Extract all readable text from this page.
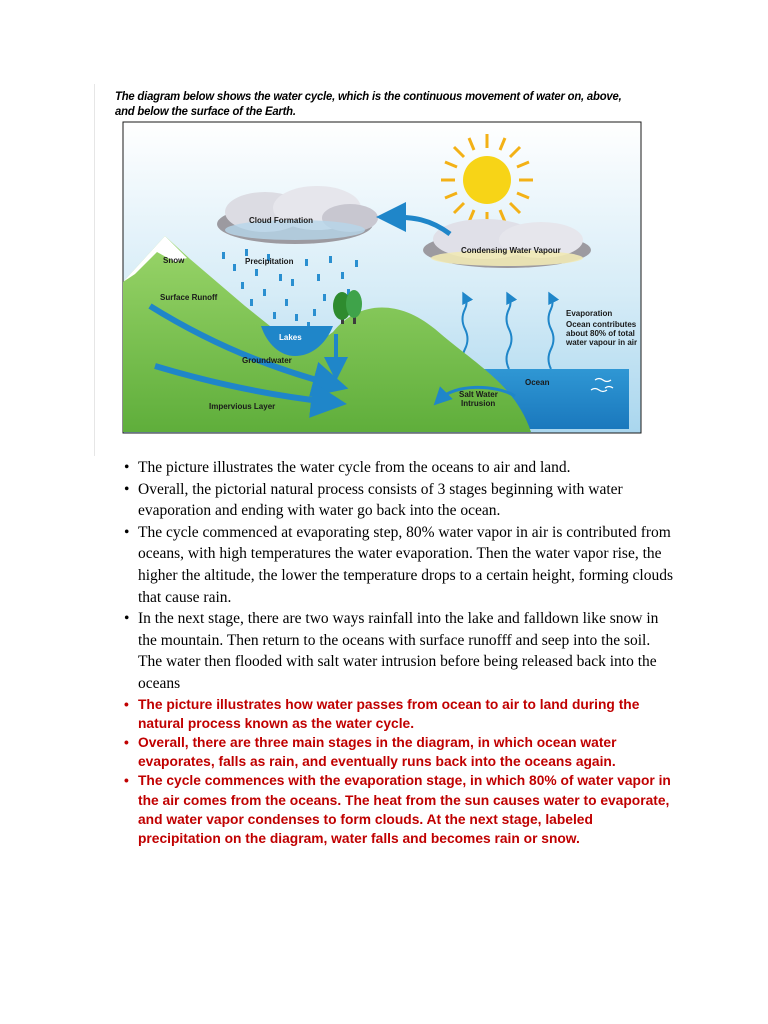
The diagram below shows the water cycle, which is the continuous movement of water on, above, and below the surface of the Earth.
Cloud Formation
Condensing Water Vapour
Snow	Precipitation
Surface Runoff
Lakes
Groundwater
Impervious Layer
Evaporation
Ocean contributes
about 80% of total
water vapour in air
Ocean
Salt Water
Intrusion
• The picture illustrates the water cycle from the oceans to air and land.
• Overall, the pictorial natural process consists of 3 stages beginning with water evaporation and ending with water go back into the ocean.
• The cycle commenced at evaporating step, 80% water vapor in air is contributed from oceans, with high temperatures the water evaporation. Then the water vapor rise, the higher the altitude, the lower the temperature drops to a certain height, forming clouds that cause rain.
• In the next stage, there are two ways rainfall into the lake and falldown like snow in the mountain. Then return to the oceans with surface runofff and seep into the soil. The water then flooded with salt water intrusion before being released back into the oceans
• The picture illustrates how water passes from ocean to air to land during the natural process known as the water cycle.
• Overall, there are three main stages in the diagram, in which ocean water evaporates, falls as rain, and eventually runs back into the oceans again.
• The cycle commences with the evaporation stage, in which 80% of water vapor in the air comes from the oceans. The heat from the sun causes water to evaporate, and water vapor condenses to form clouds. At the next stage, labeled precipitation on the diagram, water falls and becomes rain or snow.
